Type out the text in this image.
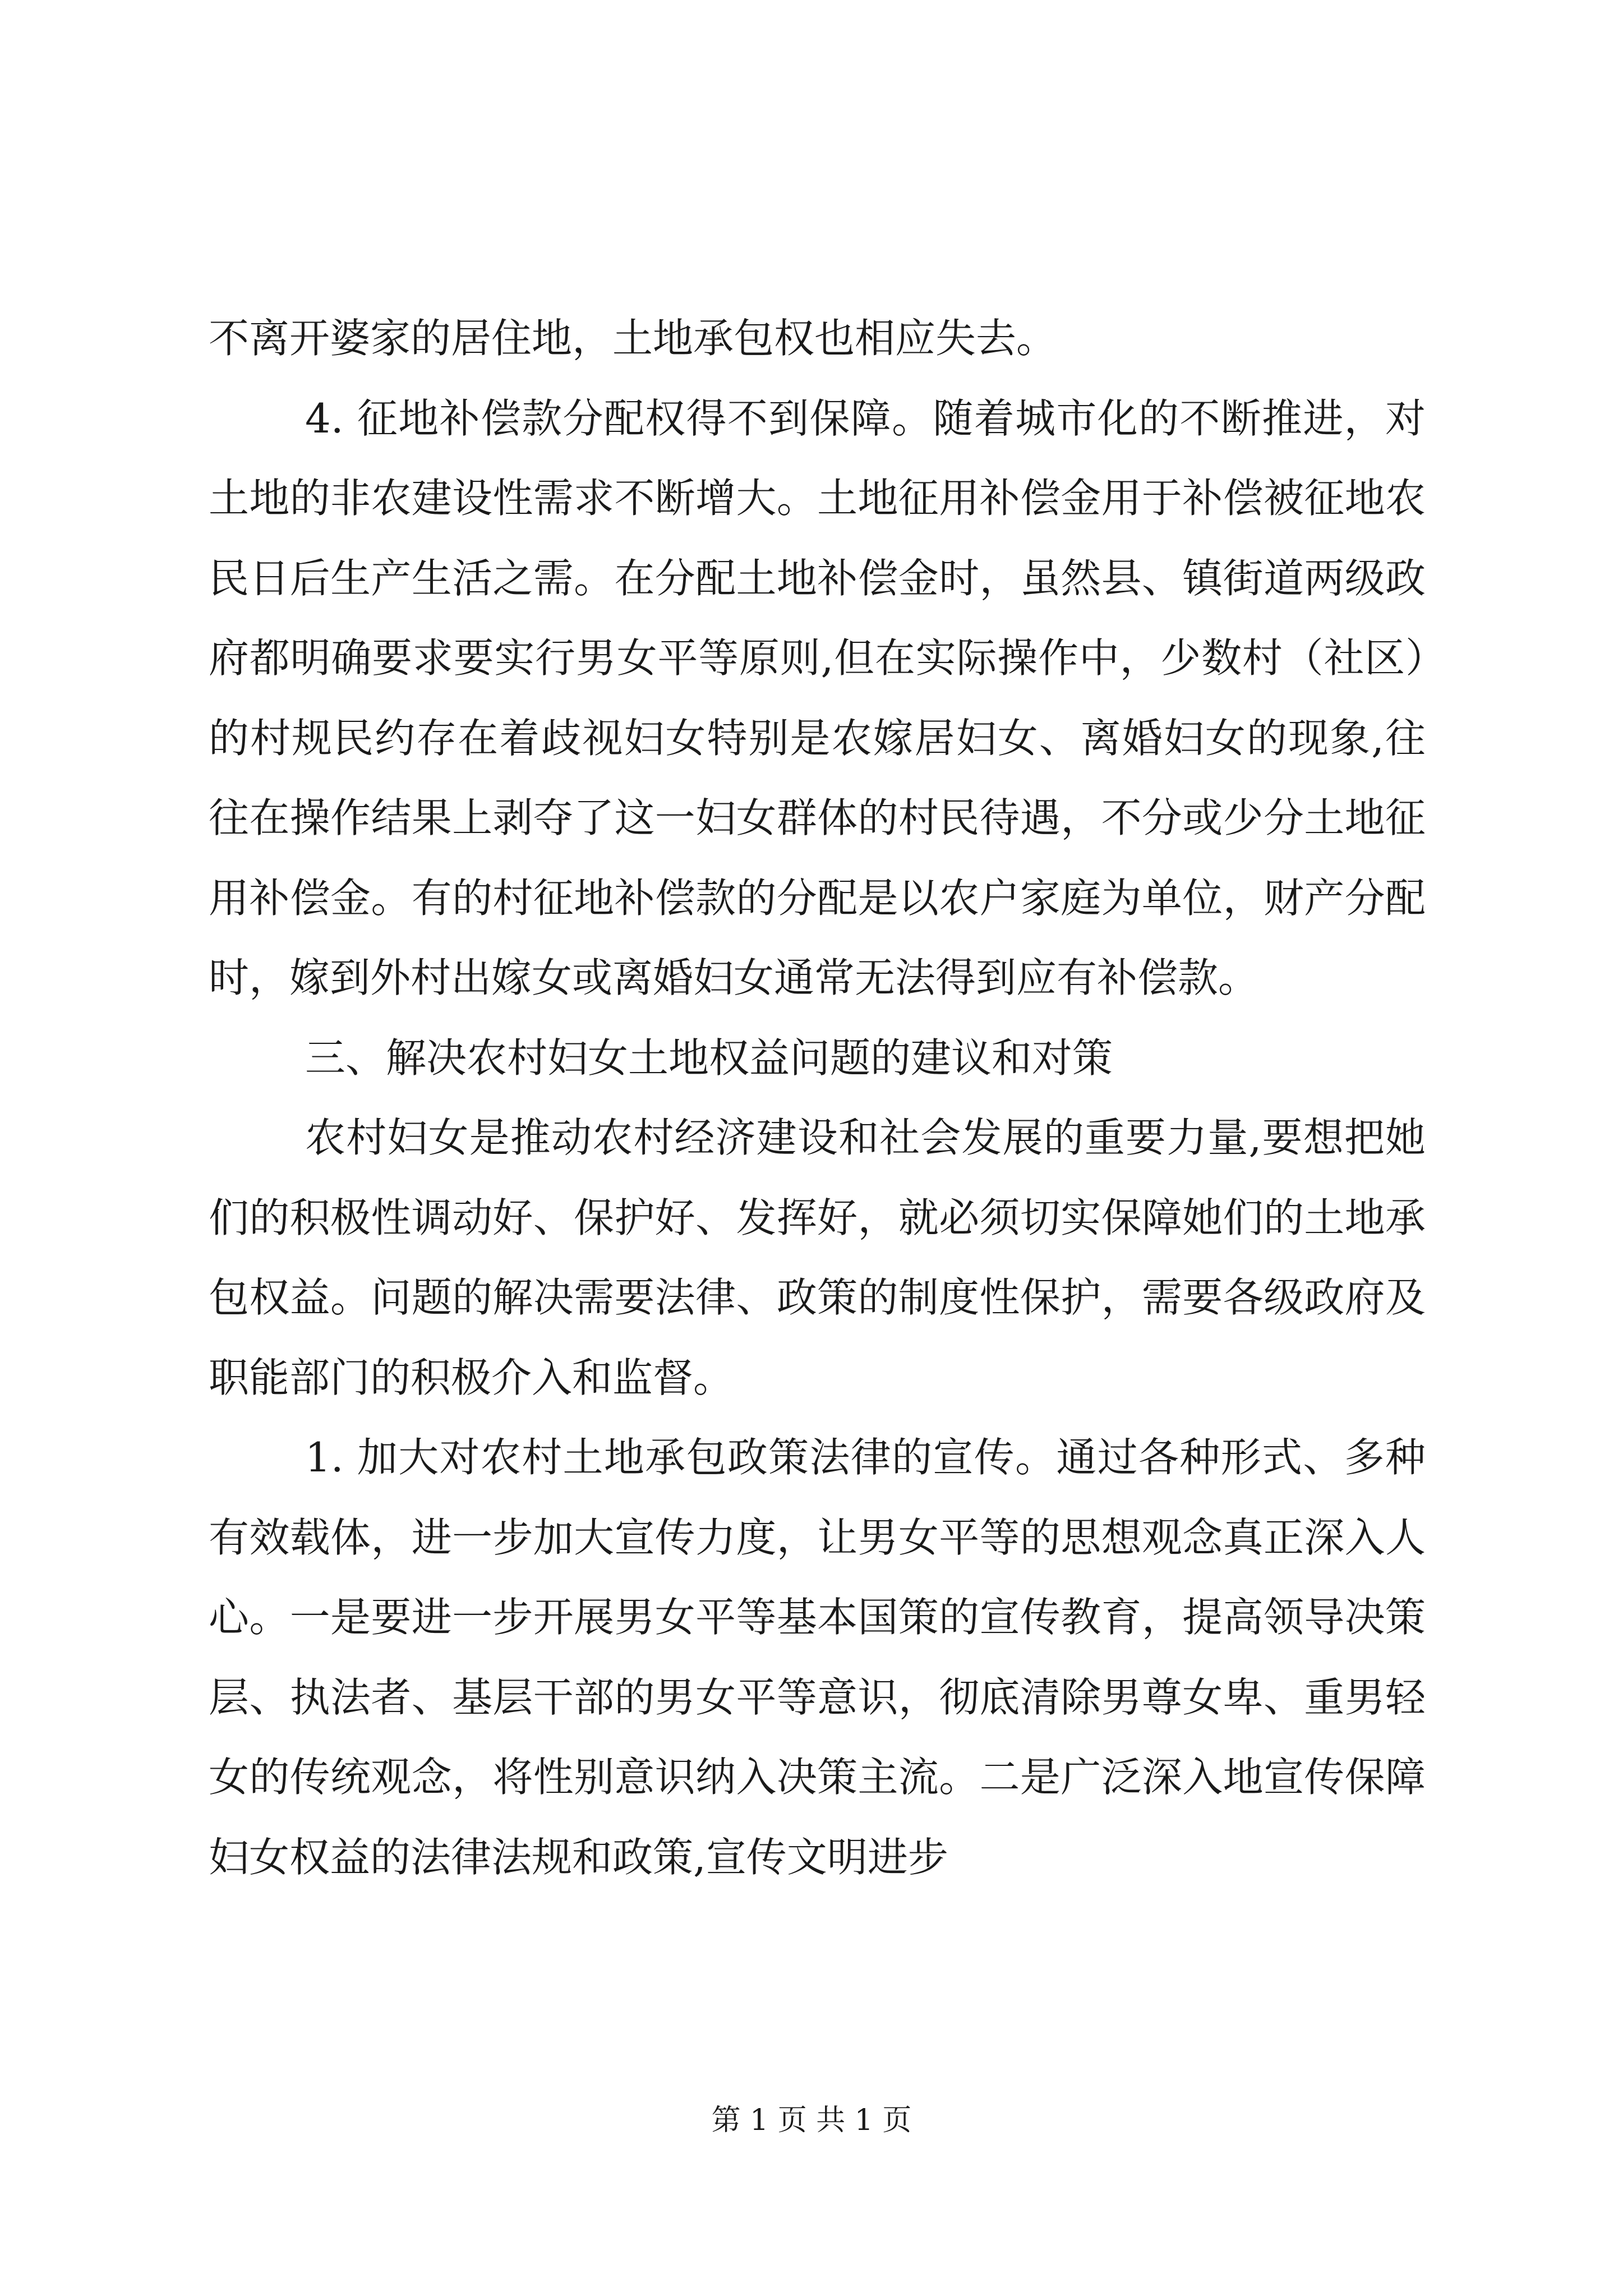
不离开婆家的居住地，土地承包权也相应失去。

4. 征地补偿款分配权得不到保障。随着城市化的不断推进，对土地的非农建设性需求不断增大。土地征用补偿金用于补偿被征地农民日后生产生活之需。在分配土地补偿金时，虽然县、镇街道两级政府都明确要求要实行男女平等原则,但在实际操作中，少数村（社区）的村规民约存在着歧视妇女特别是农嫁居妇女、离婚妇女的现象,往往在操作结果上剥夺了这一妇女群体的村民待遇，不分或少分土地征用补偿金。有的村征地补偿款的分配是以农户家庭为单位，财产分配时，嫁到外村出嫁女或离婚妇女通常无法得到应有补偿款。

三、解决农村妇女土地权益问题的建议和对策

农村妇女是推动农村经济建设和社会发展的重要力量,要想把她们的积极性调动好、保护好、发挥好，就必须切实保障她们的土地承包权益。问题的解决需要法律、政策的制度性保护，需要各级政府及职能部门的积极介入和监督。

1. 加大对农村土地承包政策法律的宣传。通过各种形式、多种有效载体，进一步加大宣传力度，让男女平等的思想观念真正深入人心。一是要进一步开展男女平等基本国策的宣传教育，提高领导决策层、执法者、基层干部的男女平等意识，彻底清除男尊女卑、重男轻女的传统观念，将性别意识纳入决策主流。二是广泛深入地宣传保障妇女权益的法律法规和政策,宣传文明进步

第 1 页 共 1 页
